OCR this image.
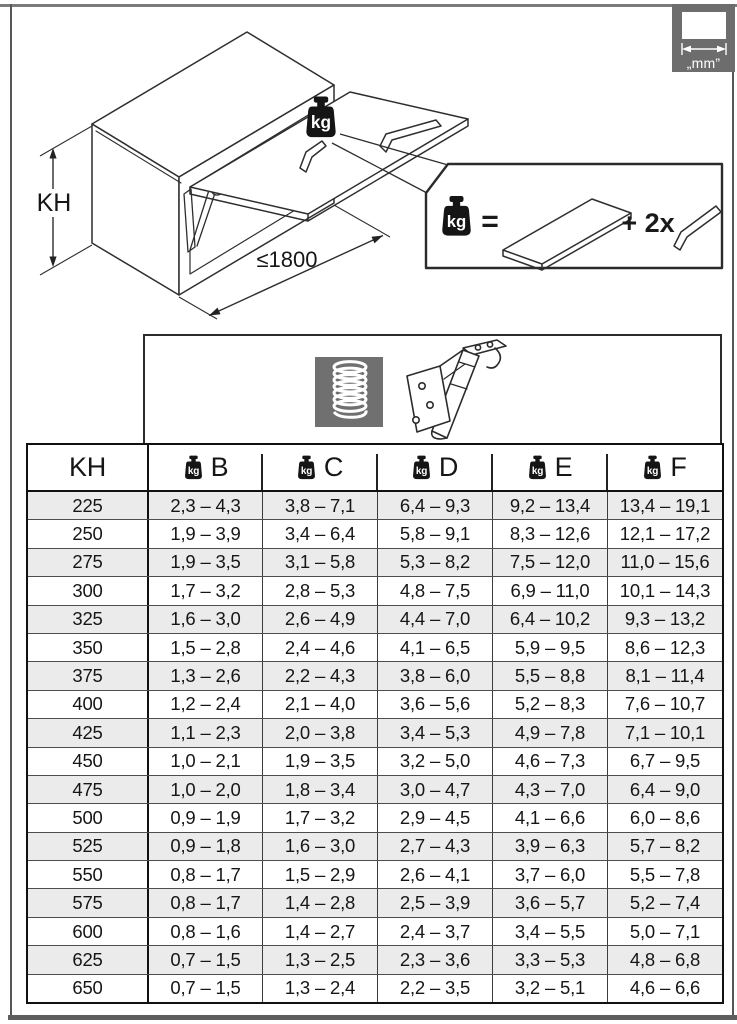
„mm”
KH
≤1800
=	+ 2x
KH	B	C	D	E	F
225	2,3 – 4,3	3,8 – 7,1	6,4 – 9,3	9,2 – 13,4	13,4 – 19,1
250	1,9 – 3,9	3,4 – 6,4	5,8 – 9,1	8,3 – 12,6	12,1 – 17,2
275	1,9 – 3,5	3,1 – 5,8	5,3 – 8,2	7,5 – 12,0	11,0 – 15,6
300	1,7 – 3,2	2,8 – 5,3	4,8 – 7,5	6,9 – 11,0	10,1 – 14,3
325	1,6 – 3,0	2,6 – 4,9	4,4 – 7,0	6,4 – 10,2	9,3 – 13,2
350	1,5 – 2,8	2,4 – 4,6	4,1 – 6,5	5,9 – 9,5	8,6 – 12,3
375	1,3 – 2,6	2,2 – 4,3	3,8 – 6,0	5,5 – 8,8	8,1 – 11,4
400	1,2 – 2,4	2,1 – 4,0	3,6 – 5,6	5,2 – 8,3	7,6 – 10,7
425	1,1 – 2,3	2,0 – 3,8	3,4 – 5,3	4,9 – 7,8	7,1 – 10,1
450	1,0 – 2,1	1,9 – 3,5	3,2 – 5,0	4,6 – 7,3	6,7 – 9,5
475	1,0 – 2,0	1,8 – 3,4	3,0 – 4,7	4,3 – 7,0	6,4 – 9,0
500	0,9 – 1,9	1,7 – 3,2	2,9 – 4,5	4,1 – 6,6	6,0 – 8,6
525	0,9 – 1,8	1,6 – 3,0	2,7 – 4,3	3,9 – 6,3	5,7 – 8,2
550	0,8 – 1,7	1,5 – 2,9	2,6 – 4,1	3,7 – 6,0	5,5 – 7,8
575	0,8 – 1,7	1,4 – 2,8	2,5 – 3,9	3,6 – 5,7	5,2 – 7,4
600	0,8 – 1,6	1,4 – 2,7	2,4 – 3,7	3,4 – 5,5	5,0 – 7,1
625	0,7 – 1,5	1,3 – 2,5	2,3 – 3,6	3,3 – 5,3	4,8 – 6,8
650	0,7 – 1,5	1,3 – 2,4	2,2 – 3,5	3,2 – 5,1	4,6 – 6,6
